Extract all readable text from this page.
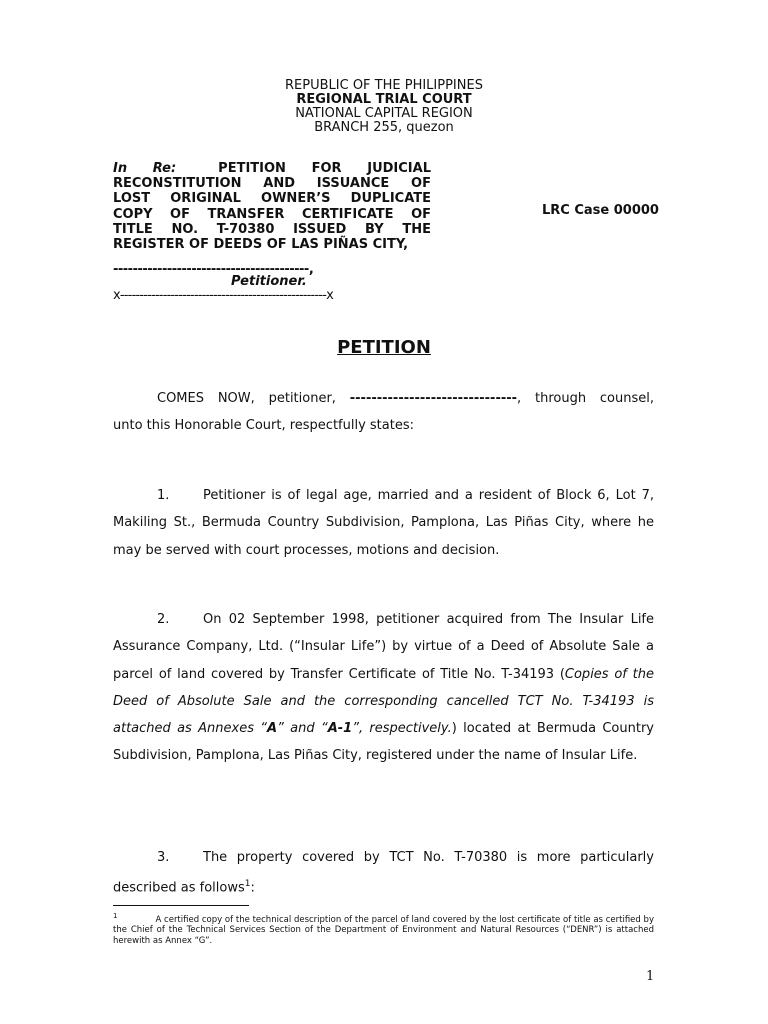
REPUBLIC OF THE PHILIPPINES
REGIONAL TRIAL COURT
NATIONAL CAPITAL REGION
BRANCH 255, quezon
In Re:	PETITION FOR JUDICIAL
RECONSTITUTION AND ISSUANCE OF
LOST ORIGINAL OWNER’S DUPLICATE
COPY OF TRANSFER CERTIFICATE OF
TITLE NO. T-70380 ISSUED BY THE
REGISTER OF DEEDS OF LAS PIÑAS CITY,
LRC Case 00000
----------------------------------------,
Petitioner.
x-----------------------------------------------------x
PETITION
COMES NOW, petitioner, -------------------------------, through counsel,
unto this Honorable Court, respectfully states:
1.	Petitioner is of legal age, married and a resident of Block 6, Lot 7, Makiling St., Bermuda Country Subdivision, Pamplona, Las Piñas City, where he may be served with court processes, motions and decision.
2.	On 02 September 1998, petitioner acquired from The Insular Life Assurance Company, Ltd. (“Insular Life”) by virtue of a Deed of Absolute Sale a parcel of land covered by Transfer Certificate of Title No. T-34193 (Copies of the Deed of Absolute Sale and the corresponding cancelled TCT No. T-34193 is attached as Annexes “A” and “A-1”, respectively.) located at Bermuda Country Subdivision, Pamplona, Las Piñas City, registered under the name of Insular Life.
3.	The property covered by TCT No. T-70380 is more particularly described as follows$^1$:
$^1$	A certified copy of the technical description of the parcel of land covered by the lost certificate of title as certified by the Chief of the Technical Services Section of the Department of Environment and Natural Resources (“DENR”) is attached herewith as Annex “G”.
1
